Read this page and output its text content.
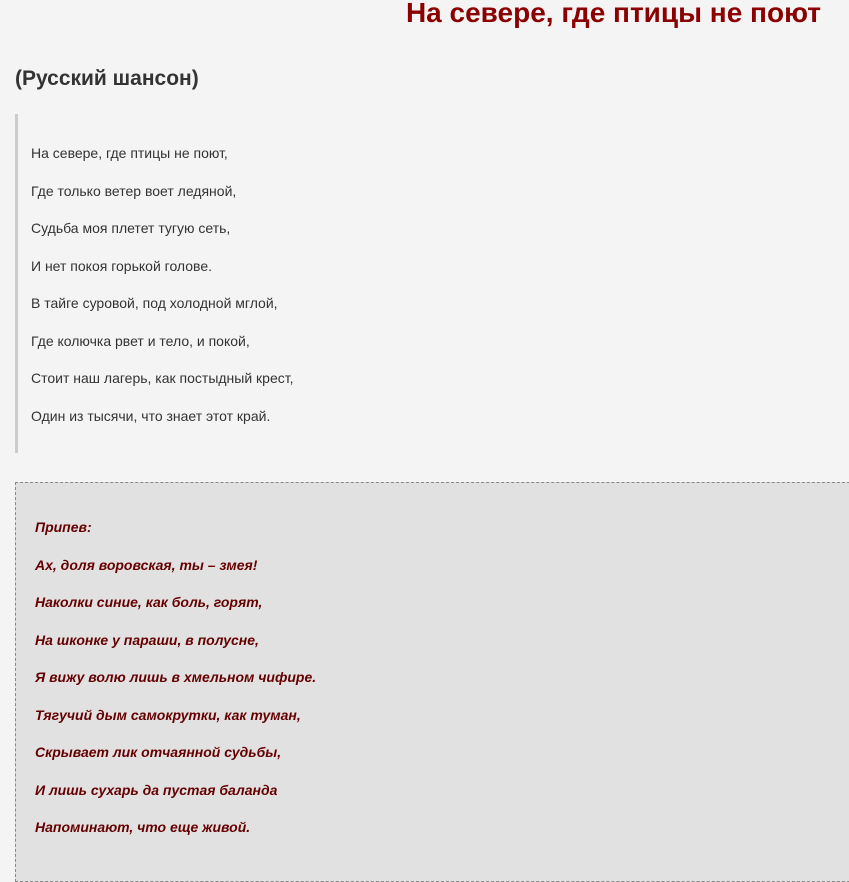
На севере, где птицы не поют
(Русский шансон)
На севере, где птицы не поют,
Где только ветер воет ледяной,
Судьба моя плетет тугую сеть,
И нет покоя горькой голове.
В тайге суровой, под холодной мглой,
Где колючка рвет и тело, и покой,
Стоит наш лагерь, как постыдный крест,
Один из тысячи, что знает этот край.
Припев:
Ах, доля воровская, ты – змея!
Наколки синие, как боль, горят,
На шконке у параши, в полусне,
Я вижу волю лишь в хмельном чифире.
Тягучий дым самокрутки, как туман,
Скрывает лик отчаянной судьбы,
И лишь сухарь да пустая баланда
Напоминают, что еще живой.
